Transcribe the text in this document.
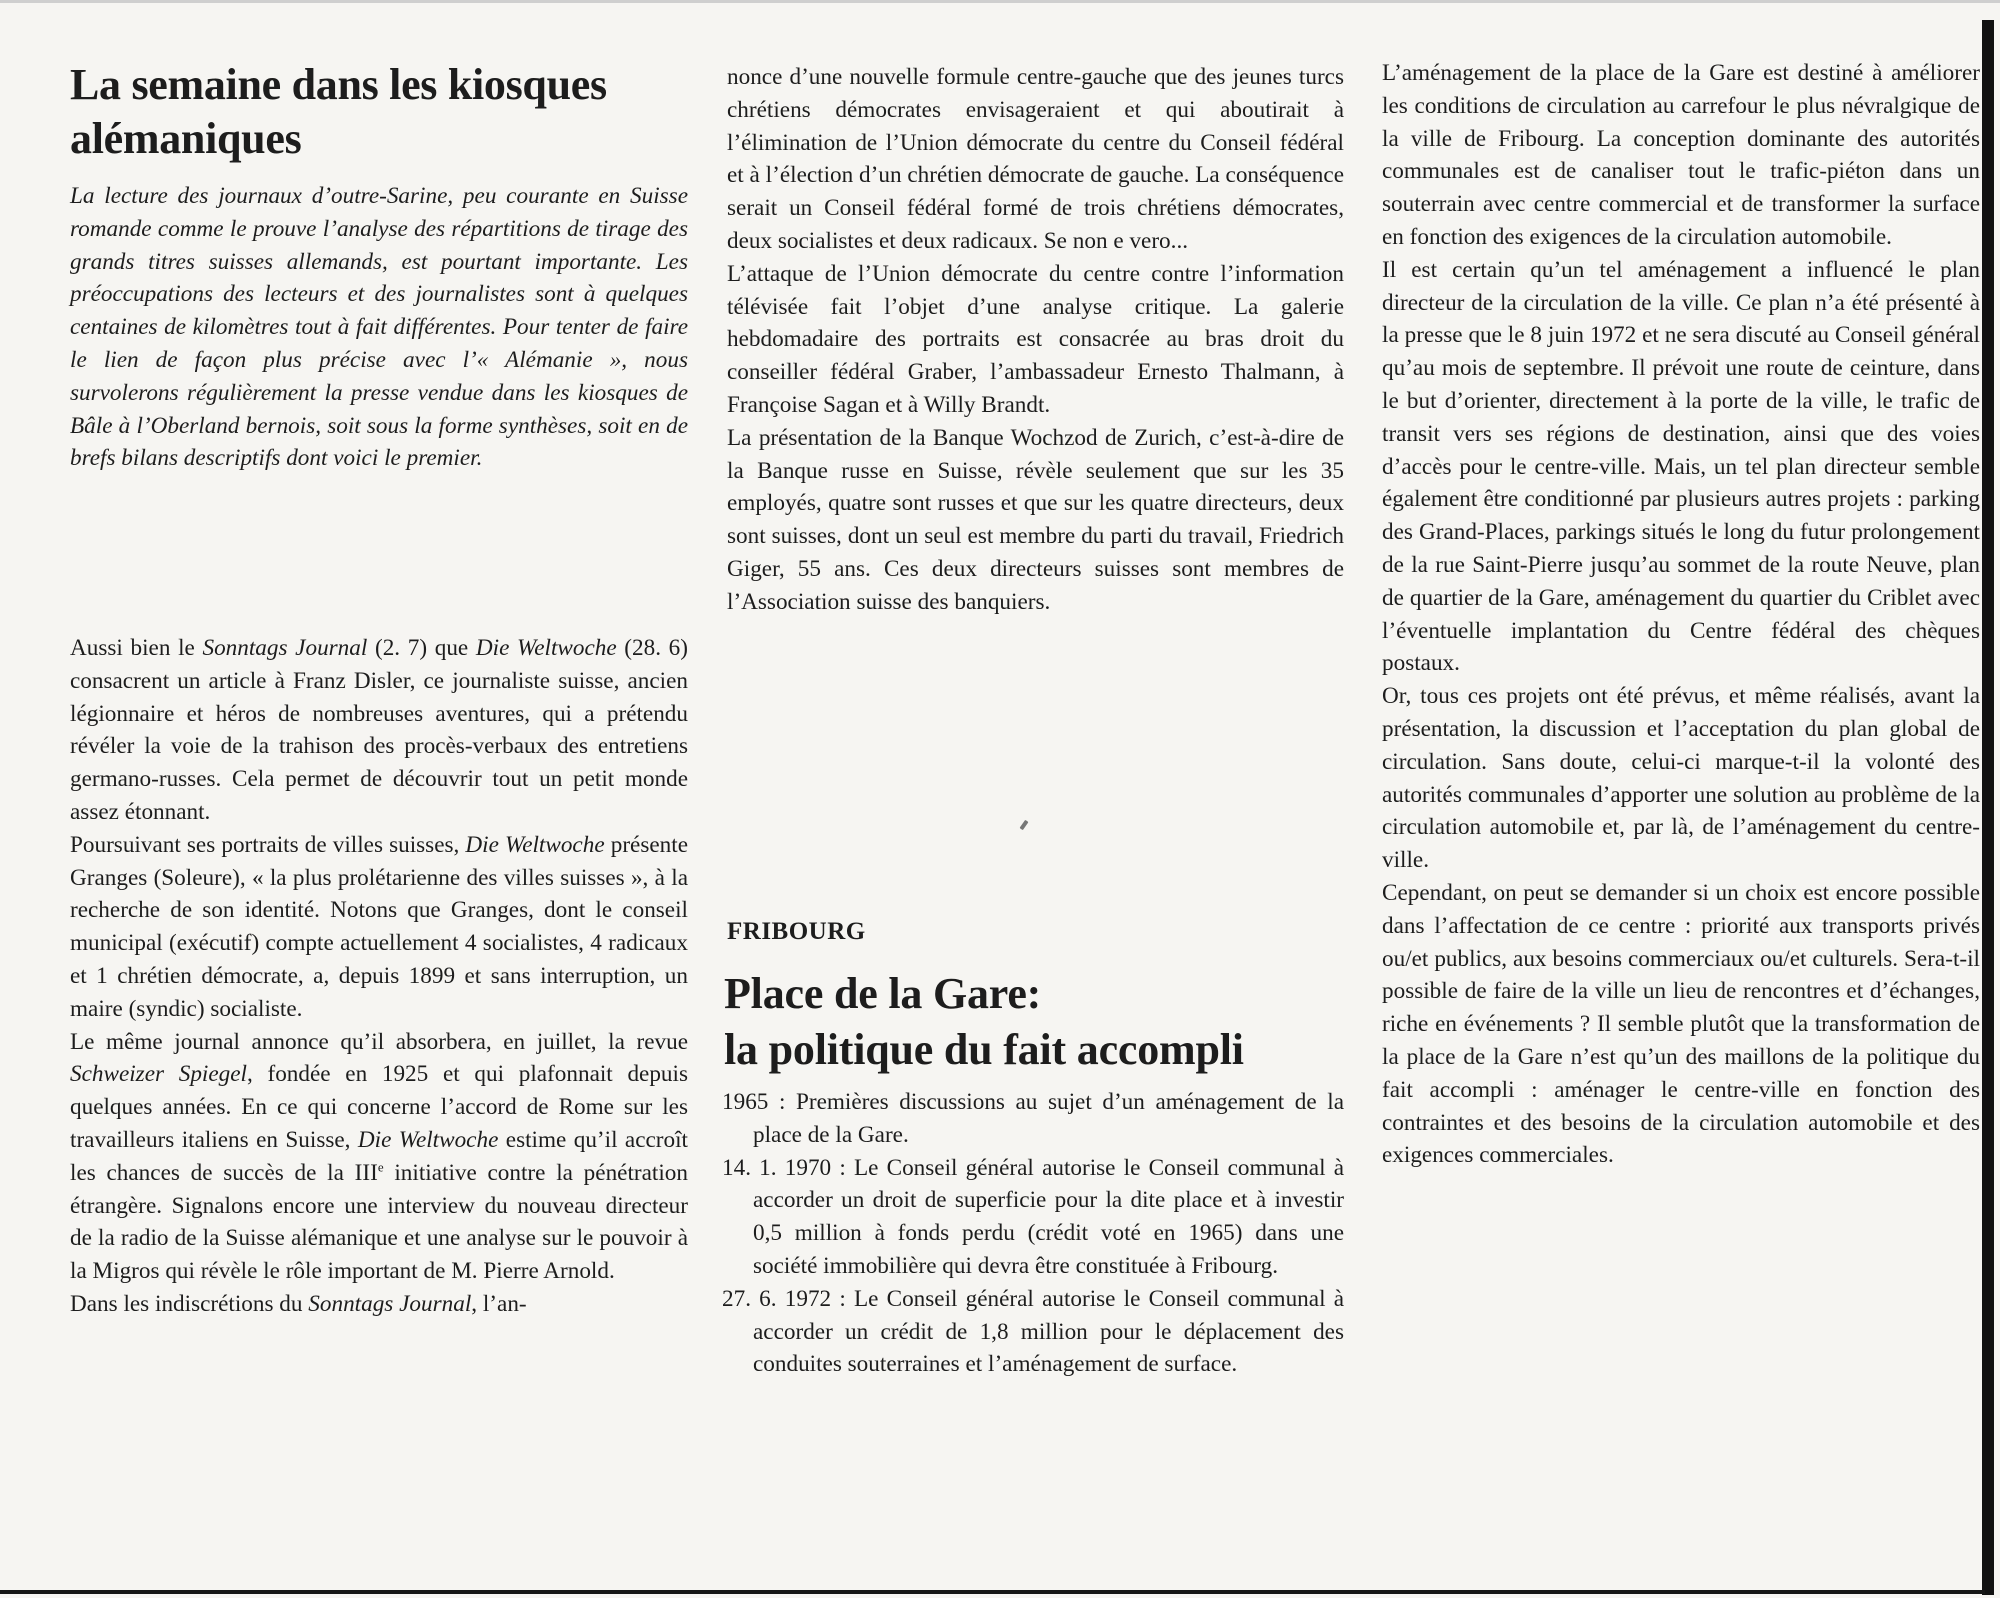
La semaine dans les kiosques alémaniques

La lecture des journaux d’outre-Sarine, peu courante en Suisse romande comme le prouve l’analyse des répartitions de tirage des grands titres suisses allemands, est pourtant importante. Les préoccupations des lecteurs et des journalistes sont à quelques centaines de kilomètres tout à fait différentes. Pour tenter de faire le lien de façon plus précise avec l’« Alémanie », nous survolerons régulièrement la presse vendue dans les kiosques de Bâle à l’Oberland bernois, soit sous la forme synthèses, soit en de brefs bilans descriptifs dont voici le premier.

Aussi bien le Sonntags Journal (2. 7) que Die Weltwoche (28. 6) consacrent un article à Franz Disler, ce journaliste suisse, ancien légionnaire et héros de nombreuses aventures, qui a prétendu révéler la voie de la trahison des procès-verbaux des entretiens germano-russes. Cela permet de découvrir tout un petit monde assez étonnant.

Poursuivant ses portraits de villes suisses, Die Weltwoche présente Granges (Soleure), « la plus prolétarienne des villes suisses », à la recherche de son identité. Notons que Granges, dont le conseil municipal (exécutif) compte actuellement 4 socialistes, 4 radicaux et 1 chrétien démocrate, a, depuis 1899 et sans interruption, un maire (syndic) socialiste.

Le même journal annonce qu’il absorbera, en juillet, la revue Schweizer Spiegel, fondée en 1925 et qui plafonnait depuis quelques années. En ce qui concerne l’accord de Rome sur les travailleurs italiens en Suisse, Die Weltwoche estime qu’il accroît les chances de succès de la IIIe initiative contre la pénétration étrangère. Signalons encore une interview du nouveau directeur de la radio de la Suisse alémanique et une analyse sur le pouvoir à la Migros qui révèle le rôle important de M. Pierre Arnold.

Dans les indiscrétions du Sonntags Journal, l’an-

nonce d’une nouvelle formule centre-gauche que des jeunes turcs chrétiens démocrates envisageraient et qui aboutirait à l’élimination de l’Union démocrate du centre du Conseil fédéral et à l’élection d’un chrétien démocrate de gauche. La conséquence serait un Conseil fédéral formé de trois chrétiens démocrates, deux socialistes et deux radicaux. Se non e vero...

L’attaque de l’Union démocrate du centre contre l’information télévisée fait l’objet d’une analyse critique. La galerie hebdomadaire des portraits est consacrée au bras droit du conseiller fédéral Graber, l’ambassadeur Ernesto Thalmann, à Françoise Sagan et à Willy Brandt.

La présentation de la Banque Wochzod de Zurich, c’est-à-dire de la Banque russe en Suisse, révèle seulement que sur les 35 employés, quatre sont russes et que sur les quatre directeurs, deux sont suisses, dont un seul est membre du parti du travail, Friedrich Giger, 55 ans. Ces deux directeurs suisses sont membres de l’Association suisse des banquiers.

FRIBOURG
Place de la Gare:
la politique du fait accompli

1965 : Premières discussions au sujet d’un aménagement de la place de la Gare.

14. 1. 1970 : Le Conseil général autorise le Conseil communal à accorder un droit de superficie pour la dite place et à investir 0,5 million à fonds perdu (crédit voté en 1965) dans une société immobilière qui devra être constituée à Fribourg.

27. 6. 1972 : Le Conseil général autorise le Conseil communal à accorder un crédit de 1,8 million pour le déplacement des conduites souterraines et l’aménagement de surface.

L’aménagement de la place de la Gare est destiné à améliorer les conditions de circulation au carrefour le plus névralgique de la ville de Fribourg. La conception dominante des autorités communales est de canaliser tout le trafic-piéton dans un souterrain avec centre commercial et de transformer la surface en fonction des exigences de la circulation automobile.

Il est certain qu’un tel aménagement a influencé le plan directeur de la circulation de la ville. Ce plan n’a été présenté à la presse que le 8 juin 1972 et ne sera discuté au Conseil général qu’au mois de septembre. Il prévoit une route de ceinture, dans le but d’orienter, directement à la porte de la ville, le trafic de transit vers ses régions de destination, ainsi que des voies d’accès pour le centre-ville. Mais, un tel plan directeur semble également être conditionné par plusieurs autres projets : parking des Grand-Places, parkings situés le long du futur prolongement de la rue Saint-Pierre jusqu’au sommet de la route Neuve, plan de quartier de la Gare, aménagement du quartier du Criblet avec l’éventuelle implantation du Centre fédéral des chèques postaux.

Or, tous ces projets ont été prévus, et même réalisés, avant la présentation, la discussion et l’acceptation du plan global de circulation. Sans doute, celui-ci marque-t-il la volonté des autorités communales d’apporter une solution au problème de la circulation automobile et, par là, de l’aménagement du centre-ville.

Cependant, on peut se demander si un choix est encore possible dans l’affectation de ce centre : priorité aux transports privés ou/et publics, aux besoins commerciaux ou/et culturels. Sera-t-il possible de faire de la ville un lieu de rencontres et d’échanges, riche en événements ? Il semble plutôt que la transformation de la place de la Gare n’est qu’un des maillons de la politique du fait accompli : aménager le centre-ville en fonction des contraintes et des besoins de la circulation automobile et des exigences commerciales.
